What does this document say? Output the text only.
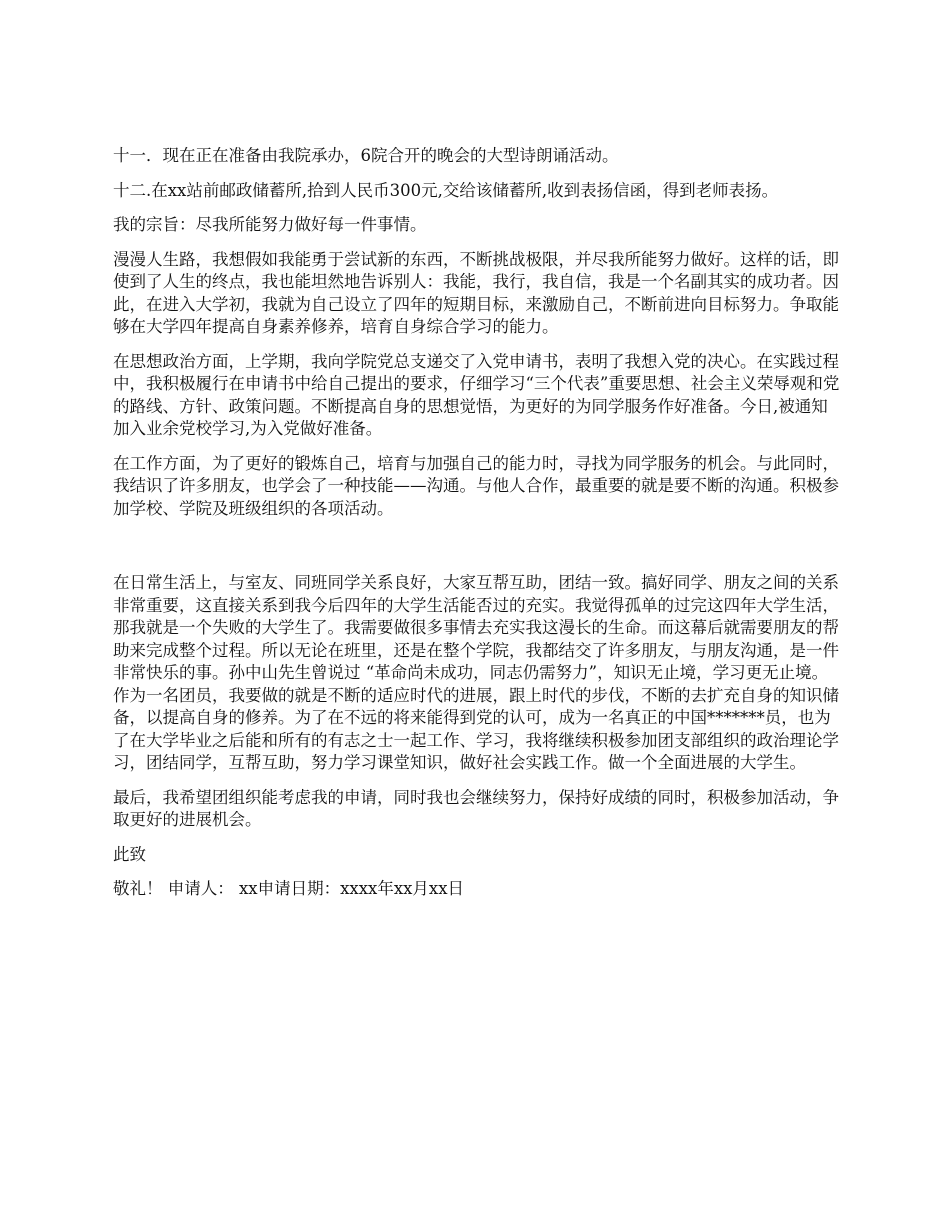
十一．现在正在准备由我院承办，6院合开的晚会的大型诗朗诵活动。

十二.在xx站前邮政储蓄所,拾到人民币300元,交给该储蓄所,收到表扬信函，得到老师表扬。

我的宗旨：尽我所能努力做好每一件事情。

漫漫人生路，我想假如我能勇于尝试新的东西，不断挑战极限，并尽我所能努力做好。这样的话，即使到了人生的终点，我也能坦然地告诉别人：我能，我行，我自信，我是一个名副其实的成功者。因此，在进入大学初，我就为自己设立了四年的短期目标，来激励自己，不断前进向目标努力。争取能够在大学四年提高自身素养修养，培育自身综合学习的能力。

在思想政治方面，上学期，我向学院党总支递交了入党申请书，表明了我想入党的决心。在实践过程中，我积极履行在申请书中给自己提出的要求，仔细学习“三个代表”重要思想、社会主义荣辱观和党的路线、方针、政策问题。不断提高自身的思想觉悟，为更好的为同学服务作好准备。今日,被通知加入业余党校学习,为入党做好准备。

在工作方面，为了更好的锻炼自己，培育与加强自己的能力时，寻找为同学服务的机会。与此同时，我结识了许多朋友，也学会了一种技能——沟通。与他人合作，最重要的就是要不断的沟通。积极参加学校、学院及班级组织的各项活动。

在日常生活上，与室友、同班同学关系良好，大家互帮互助，团结一致。搞好同学、朋友之间的关系非常重要，这直接关系到我今后四年的大学生活能否过的充实。我觉得孤单的过完这四年大学生活，那我就是一个失败的大学生了。我需要做很多事情去充实我这漫长的生命。而这幕后就需要朋友的帮助来完成整个过程。所以无论在班里，还是在整个学院，我都结交了许多朋友，与朋友沟通，是一件非常快乐的事。孙中山先生曾说过 “革命尚未成功，同志仍需努力”，知识无止境，学习更无止境。作为一名团员，我要做的就是不断的适应时代的进展，跟上时代的步伐，不断的去扩充自身的知识储备，以提高自身的修养。为了在不远的将来能得到党的认可，成为一名真正的中国*******员，也为了在大学毕业之后能和所有的有志之士一起工作、学习，我将继续积极参加团支部组织的政治理论学习，团结同学，互帮互助，努力学习课堂知识，做好社会实践工作。做一个全面进展的大学生。

最后，我希望团组织能考虑我的申请，同时我也会继续努力，保持好成绩的同时，积极参加活动，争取更好的进展机会。

此致

敬礼！ 申请人： xx申请日期：xxxx年xx月xx日
